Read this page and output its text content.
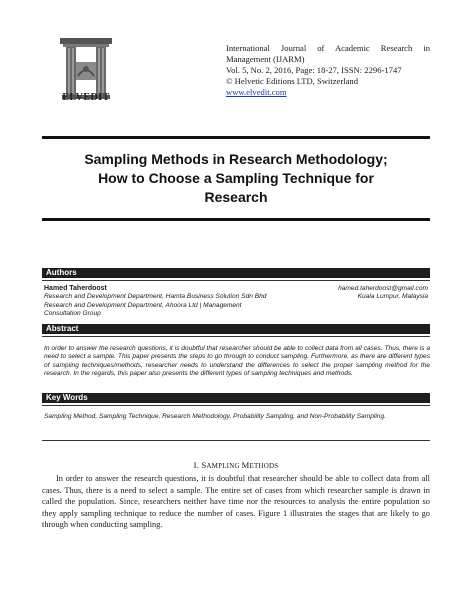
ELVEDIT
International Journal of Academic Research in
Management (IJARM)
Vol. 5, No. 2, 2016, Page: 18-27, ISSN: 2296-1747
© Helvetic Editions LTD, Switzerland
www.elvedit.com
Sampling Methods in Research Methodology;
How to Choose a Sampling Technique for
Research
Authors
Hamed Taherdoost
Research and Development Department, Hamta Business Solution Sdn Bhd
Research and Development Department, Ahoora Ltd | Management
Consultation Group
hamed.taherdoost@gmail.com
Kuala Lumpur, Malaysia
Abstract
In order to answer the research questions, it is doubtful that researcher should be able to collect data from all cases. Thus, there is a need to select a sample. This paper presents the steps to go through to conduct sampling. Furthermore, as there are different types of sampling techniques/methods, researcher needs to understand the differences to select the proper sampling method for the research. In the regards, this paper also presents the different types of sampling techniques and methods.
Key Words
Sampling Method, Sampling Technique, Research Methodology, Probability Sampling, and Non-Probability Sampling.
I. SAMPLING METHODS
In order to answer the research questions, it is doubtful that researcher should be able to collect data from all cases. Thus, there is a need to select a sample. The entire set of cases from which researcher sample is drawn in called the population. Since, researchers neither have time nor the resources to analysis the entire population so they apply sampling technique to reduce the number of cases. Figure 1 illustrates the stages that are likely to go through when conducting sampling.
